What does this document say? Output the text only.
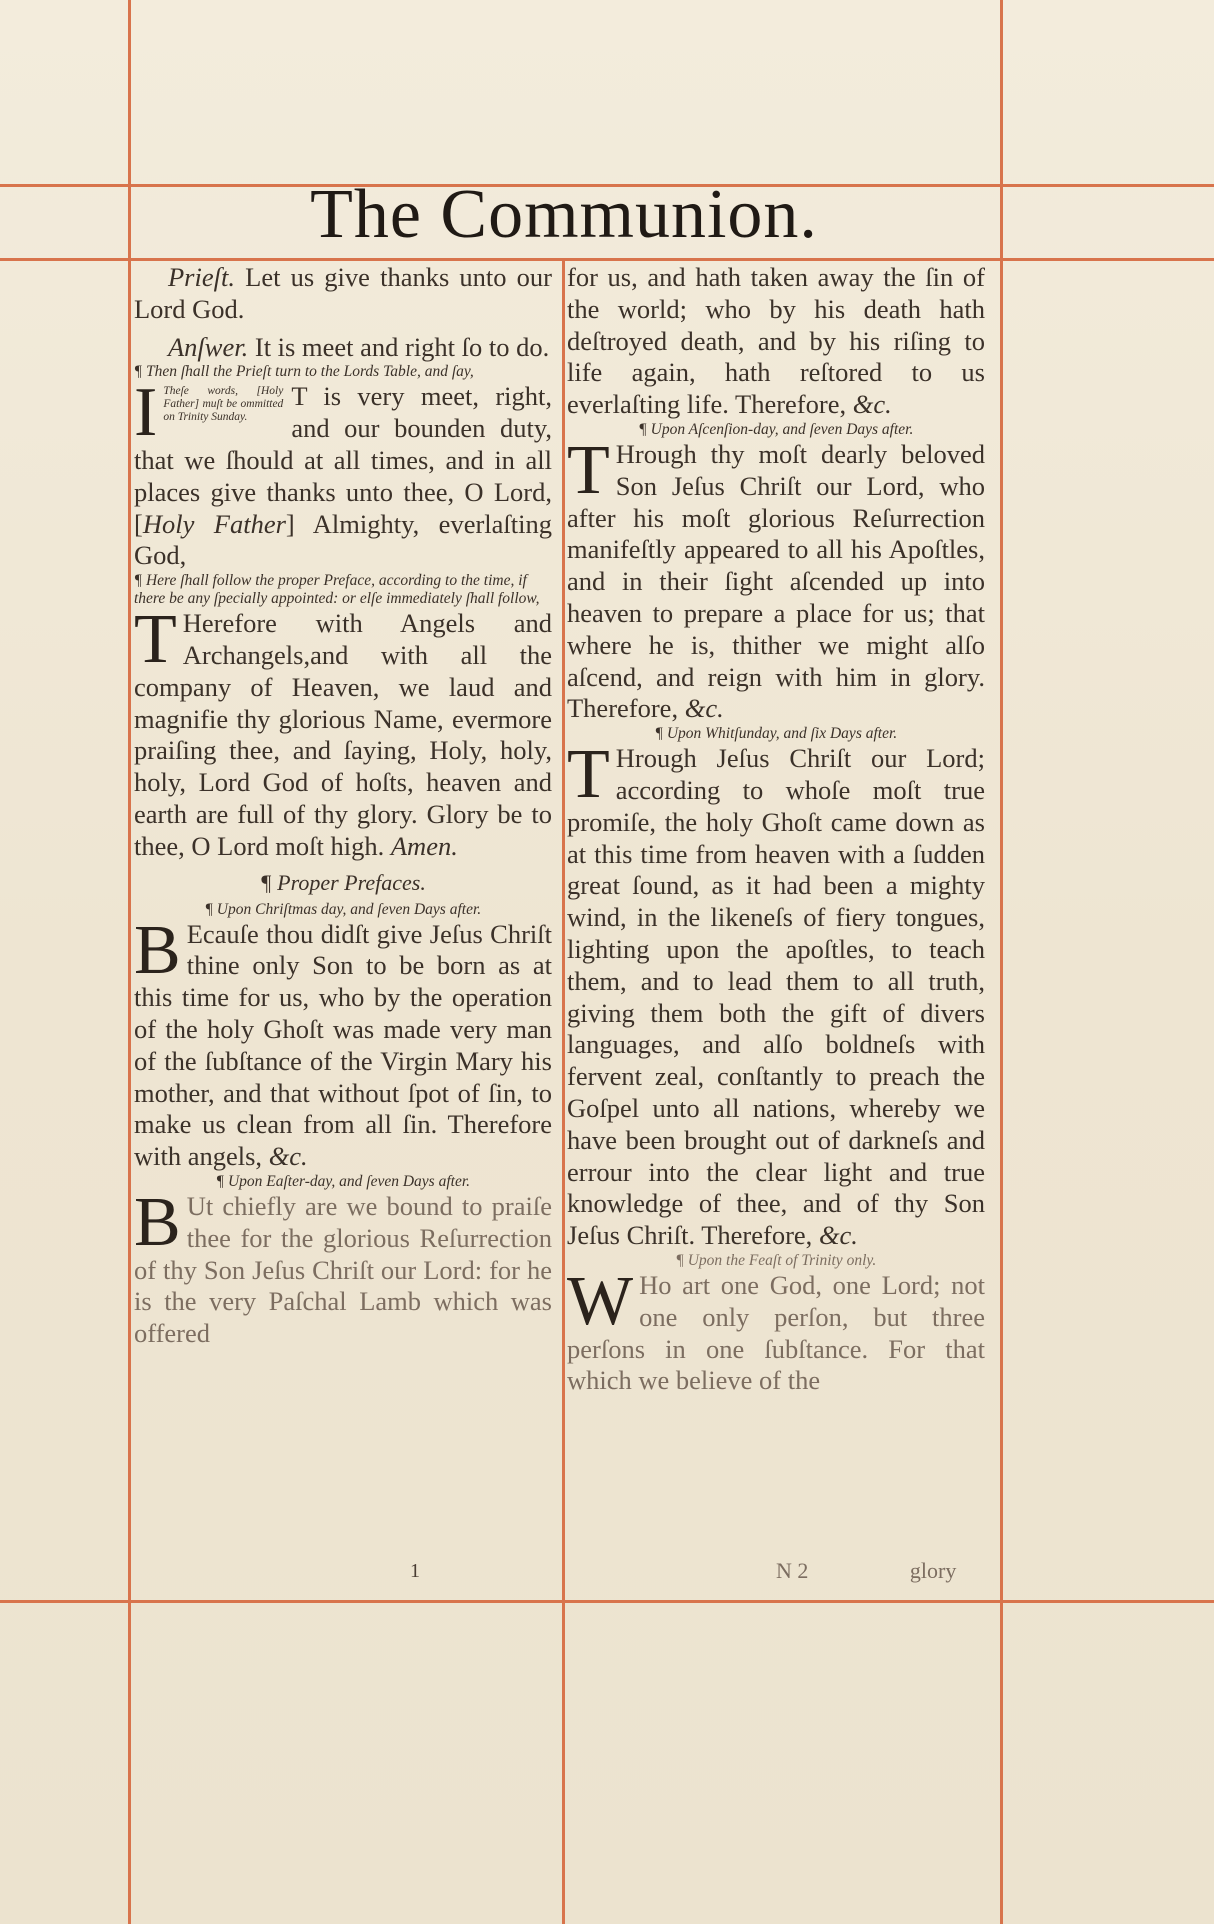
The Communion.

Prieſt. Let us give thanks unto our Lord God.

Anſwer. It is meet and right ſo to do.

¶ Then ſhall the Prieſt turn to the Lords Table, and ſay,

I Theſe words, [Holy Father] muſt be ommitted on Trinity Sunday.
T is very meet, right, and our bounden duty, that we ſhould at all times, and in all places give thanks unto thee, O Lord, [Holy Father] Almighty, everlaſting God,

¶ Here ſhall follow the proper Preface, according to the time, if there be any ſpecially appointed: or elſe immediately ſhall follow,

T Herefore with Angels and Archangels,and with all the company of Heaven, we laud and magnifie thy glorious Name, evermore praiſing thee, and ſaying, Holy, holy, holy, Lord God of hoſts, heaven and earth are full of thy glory. Glory be to thee, O Lord moſt high. Amen.

¶ Proper Prefaces.

¶ Upon Chriſtmas day, and ſeven Days after.

B Ecauſe thou didſt give Jeſus Chriſt thine only Son to be born as at this time for us, who by the operation of the holy Ghoſt was made very man of the ſubſtance of the Virgin Mary his mother, and that without ſpot of ſin, to make us clean from all ſin. Therefore with angels, &c.

¶ Upon Eaſter-day, and ſeven Days after.

B Ut chiefly are we bound to praiſe thee for the glorious Reſurrection of thy Son Jeſus Chriſt our Lord: for he is the very Paſchal Lamb which was offered

for us, and hath taken away the ſin of the world; who by his death hath deſtroyed death, and by his riſing to life again, hath reſtored to us everlaſting life. Therefore, &c.

¶ Upon Aſcenſion-day, and ſeven Days after.

T Hrough thy moſt dearly beloved Son Jeſus Chriſt our Lord, who after his moſt glorious Reſurrection manifeſtly appeared to all his Apoſtles, and in their ſight aſcended up into heaven to prepare a place for us; that where he is, thither we might alſo aſcend, and reign with him in glory. Therefore, &c.

¶ Upon Whitſunday, and ſix Days after.

T Hrough Jeſus Chriſt our Lord; according to whoſe moſt true promiſe, the holy Ghoſt came down as at this time from heaven with a ſudden great ſound, as it had been a mighty wind, in the likeneſs of fiery tongues, lighting upon the apoſtles, to teach them, and to lead them to all truth, giving them both the gift of divers languages, and alſo boldneſs with fervent zeal, conſtantly to preach the Goſpel unto all nations, whereby we have been brought out of darkneſs and errour into the clear light and true knowledge of thee, and of thy Son Jeſus Chriſt. Therefore, &c.

¶ Upon the Feaſt of Trinity only.

W Ho art one God, one Lord; not one only perſon, but three perſons in one ſubſtance. For that which we believe of the

1	N 2	glory
